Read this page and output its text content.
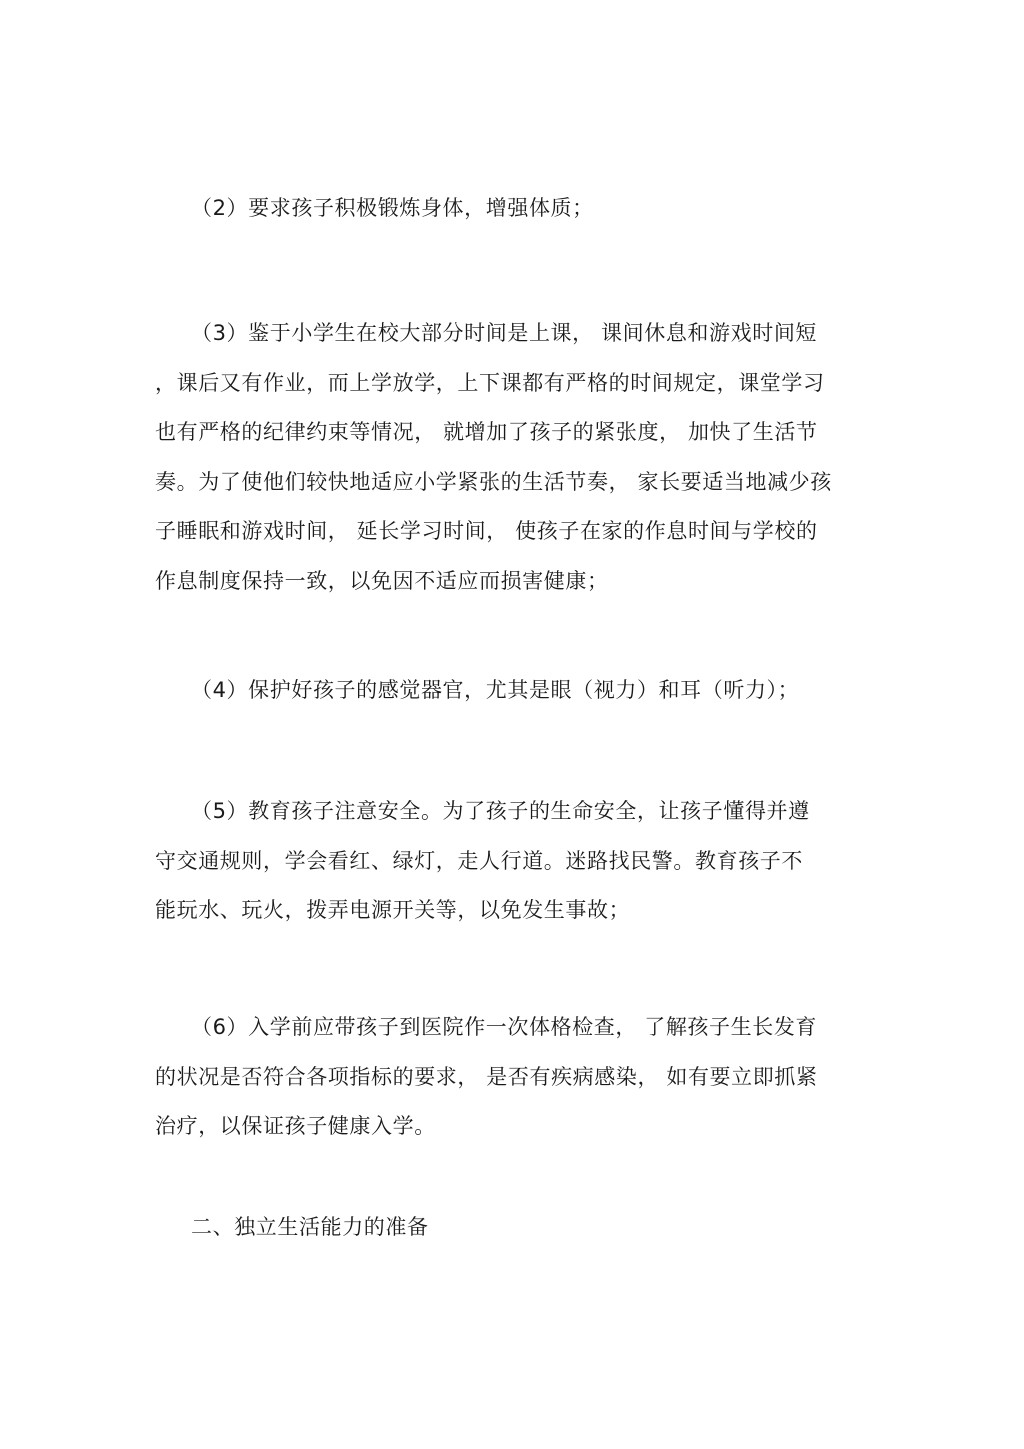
（2）要求孩子积极锻炼身体，增强体质；

（3）鉴于小学生在校大部分时间是上课， 课间休息和游戏时间短
，课后又有作业，而上学放学，上下课都有严格的时间规定，课堂学习
也有严格的纪律约束等情况， 就增加了孩子的紧张度， 加快了生活节
奏。为了使他们较快地适应小学紧张的生活节奏， 家长要适当地减少孩
子睡眠和游戏时间， 延长学习时间， 使孩子在家的作息时间与学校的
作息制度保持一致，以免因不适应而损害健康；

（4）保护好孩子的感觉器官，尤其是眼（视力）和耳（听力）；

（5）教育孩子注意安全。为了孩子的生命安全，让孩子懂得并遵
守交通规则，学会看红、绿灯，走人行道。迷路找民警。教育孩子不
能玩水、玩火，拨弄电源开关等，以免发生事故；

（6）入学前应带孩子到医院作一次体格检查， 了解孩子生长发育
的状况是否符合各项指标的要求， 是否有疾病感染， 如有要立即抓紧
治疗，以保证孩子健康入学。

二、独立生活能力的准备
